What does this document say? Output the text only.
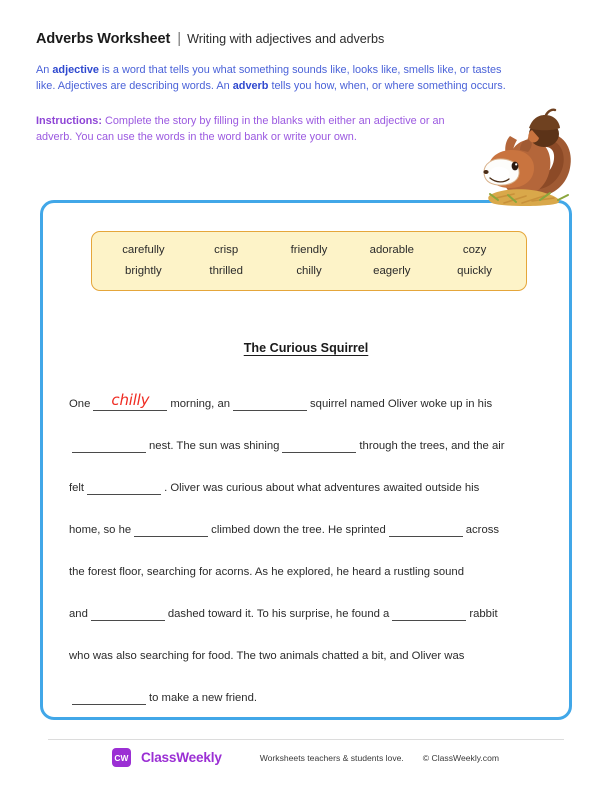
Adverbs Worksheet | Writing with adjectives and adverbs
An adjective is a word that tells you what something sounds like, looks like, smells like, or tastes like. Adjectives are describing words. An adverb tells you how, when, or where something occurs.
Instructions: Complete the story by filling in the blanks with either an adjective or an adverb. You can use the words in the word bank or write your own.
carefully	crisp	friendly	adorable	cozy
brightly	thrilled	chilly	eagerly	quickly
The Curious Squirrel
One chilly morning, an	squirrel named Oliver woke up in his
nest. The sun was shining	through the trees, and the air
felt	. Oliver was curious about what adventures awaited outside his
home, so he	climbed down the tree. He sprinted	across
the forest floor, searching for acorns. As he explored, he heard a rustling sound
and	dashed toward it. To his surprise, he found a	rabbit
who was also searching for food. The two animals chatted a bit, and Oliver was
to make a new friend.
CW ClassWeekly	Worksheets teachers & students love. © ClassWeekly.com
